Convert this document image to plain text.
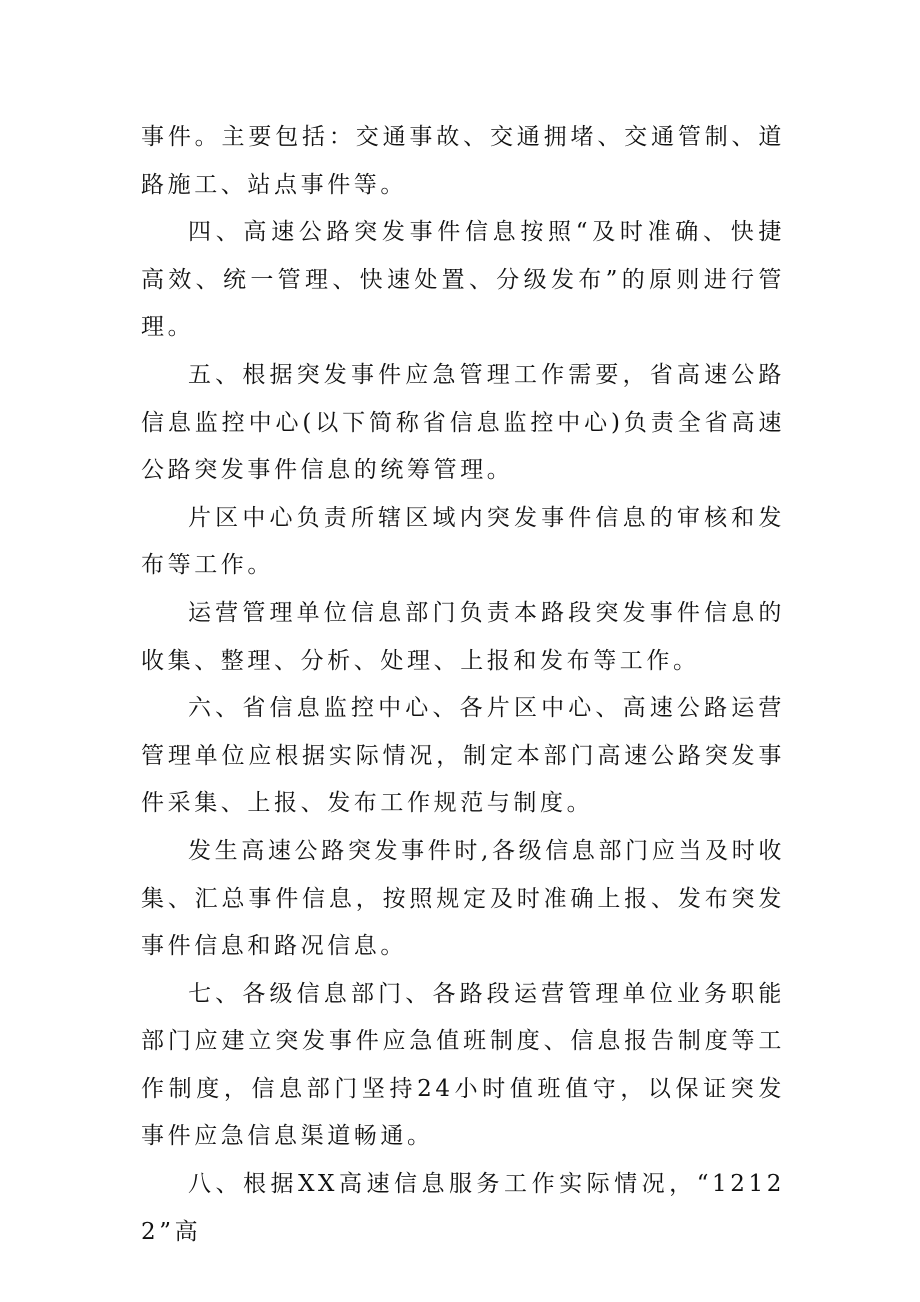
事件。主要包括：交通事故、交通拥堵、交通管制、道路施工、站点事件等。

四、高速公路突发事件信息按照“及时准确、快捷高效、统一管理、快速处置、分级发布”的原则进行管理。

五、根据突发事件应急管理工作需要，省高速公路信息监控中心(以下简称省信息监控中心)负责全省高速公路突发事件信息的统筹管理。

片区中心负责所辖区域内突发事件信息的审核和发布等工作。

运营管理单位信息部门负责本路段突发事件信息的收集、整理、分析、处理、上报和发布等工作。

六、省信息监控中心、各片区中心、高速公路运营管理单位应根据实际情况，制定本部门高速公路突发事件采集、上报、发布工作规范与制度。

发生高速公路突发事件时,各级信息部门应当及时收集、汇总事件信息，按照规定及时准确上报、发布突发事件信息和路况信息。

七、各级信息部门、各路段运营管理单位业务职能部门应建立突发事件应急值班制度、信息报告制度等工作制度，信息部门坚持24小时值班值守，以保证突发事件应急信息渠道畅通。

八、根据XX高速信息服务工作实际情况，“12122”高
